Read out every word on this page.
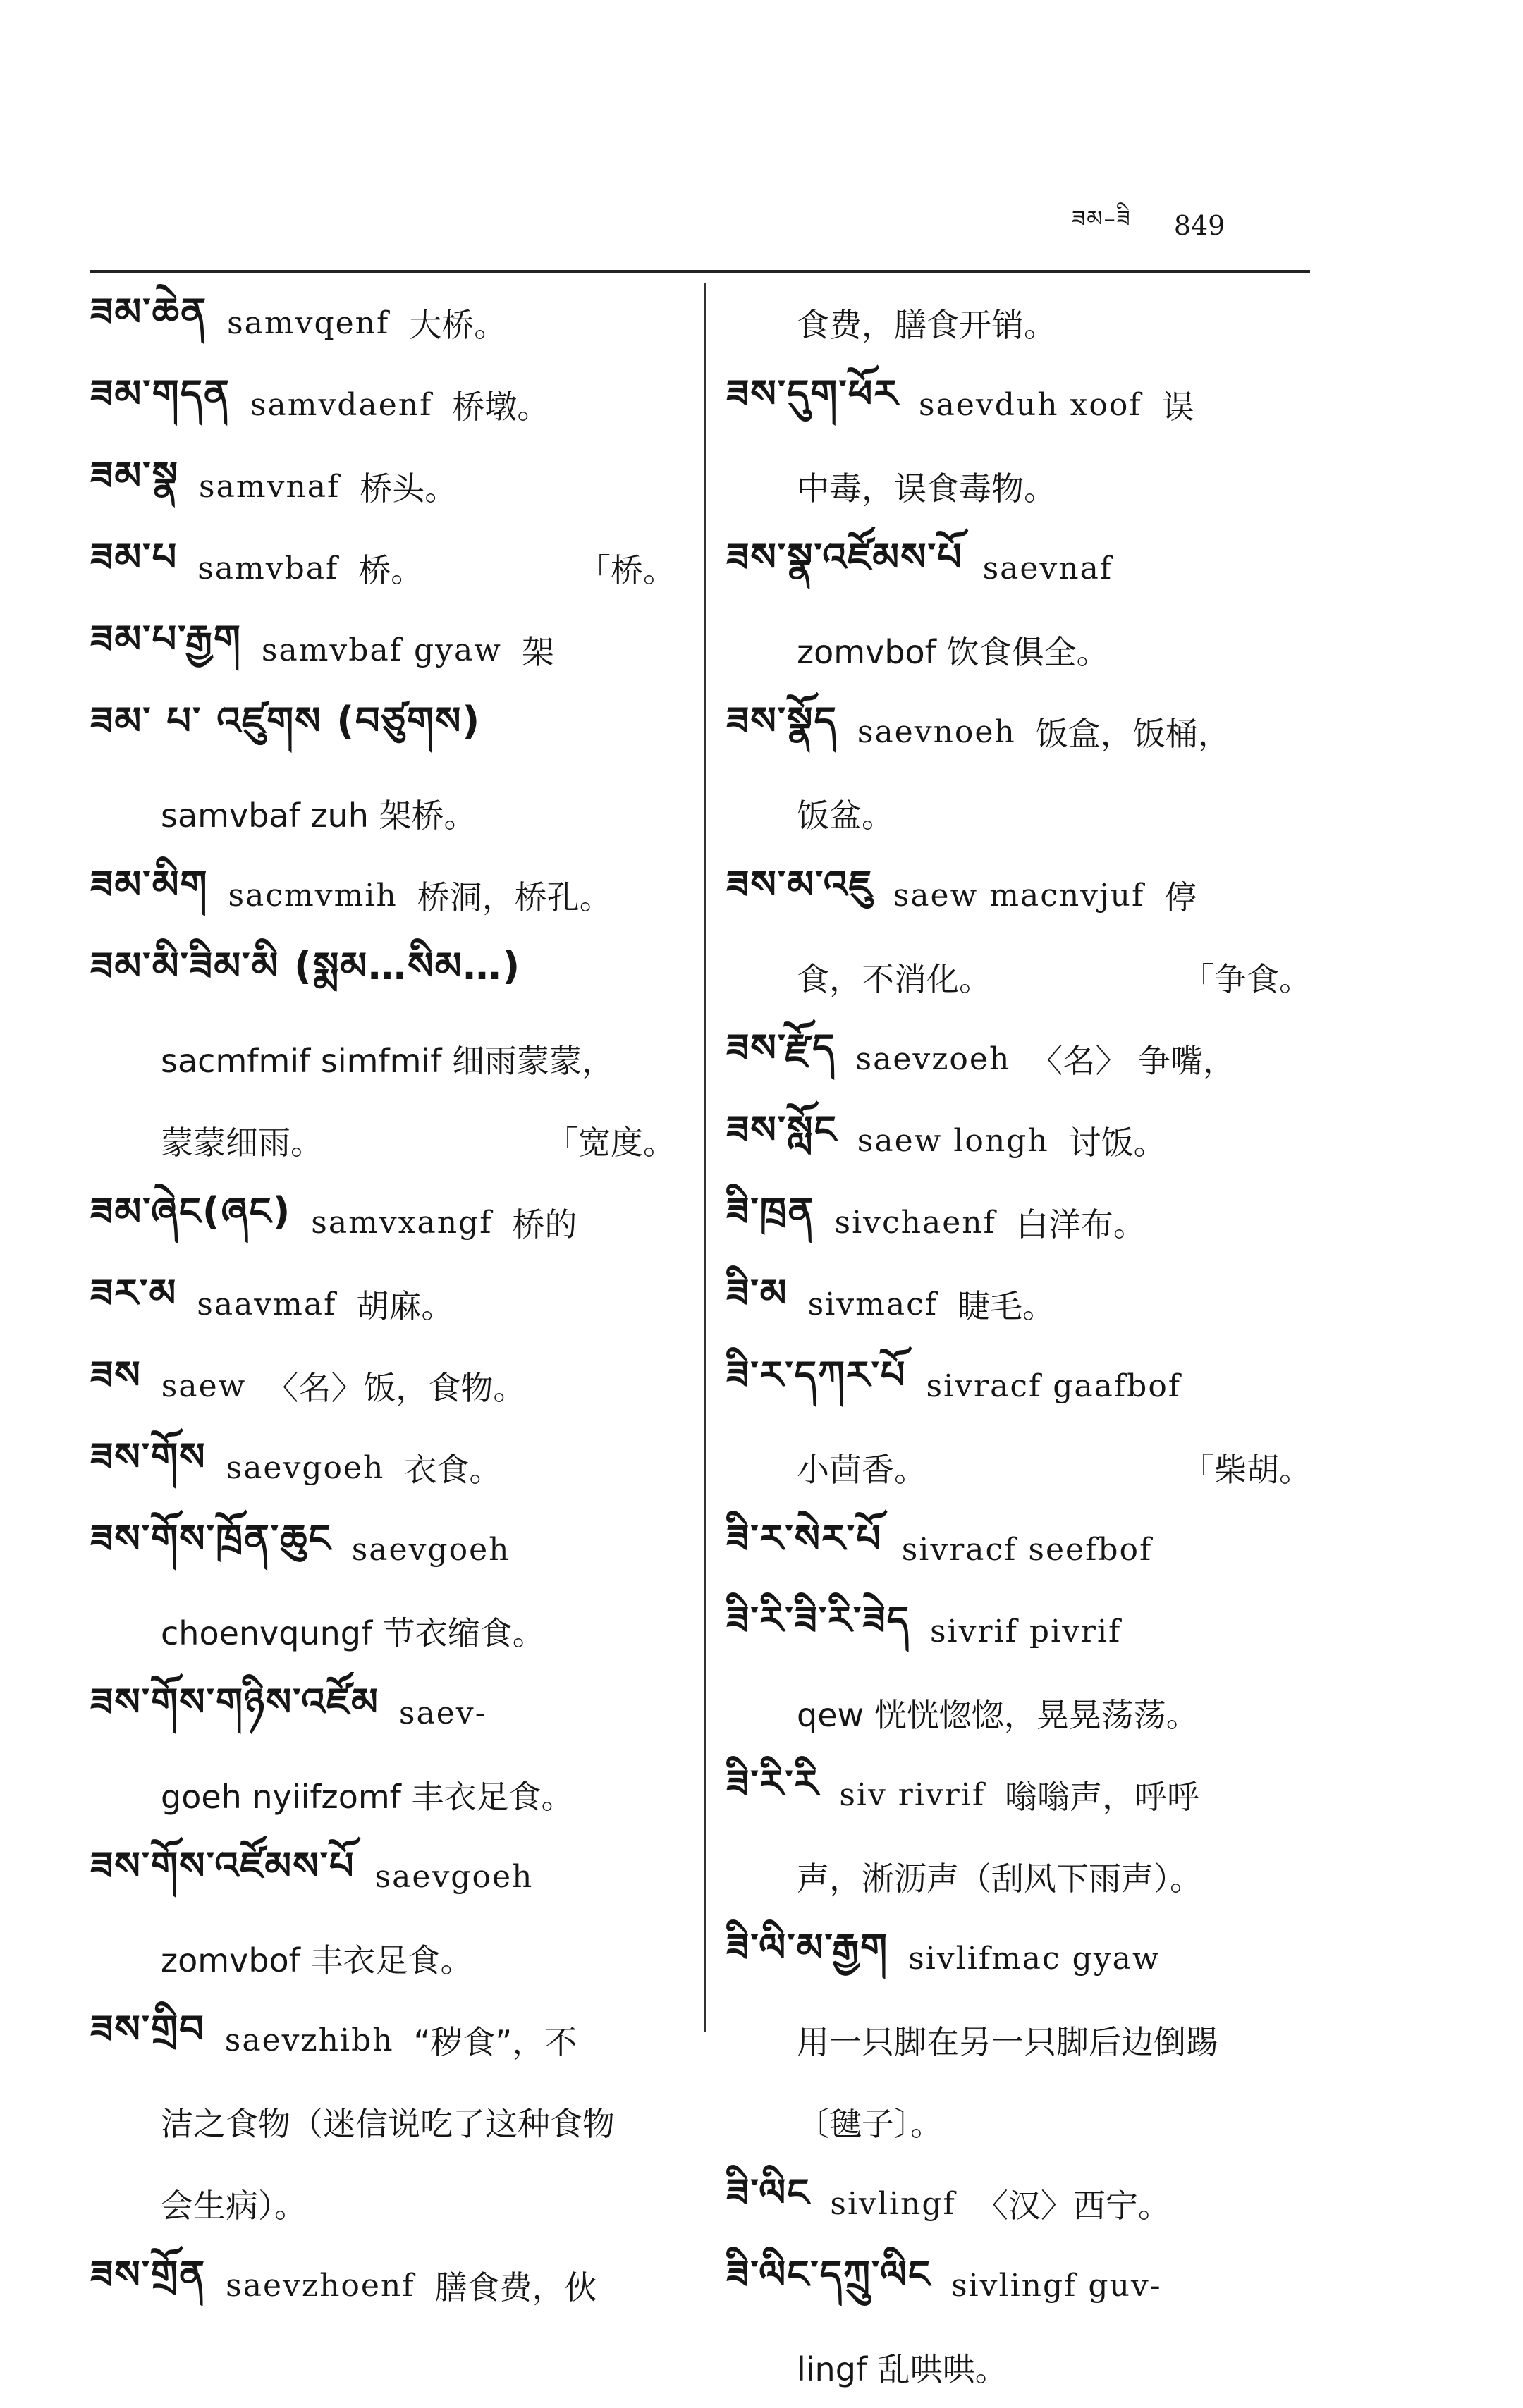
ཟམ–ཟི 849
ཟམ་ཆེན samvqenf 大桥。
ཟམ་གདན samvdaenf 桥墩。
ཟམ་སྣ samvnaf 桥头。
ཟམ་པ samvbaf 桥。	「桥。
ཟམ་པ་རྒྱག samvbaf gyaw 架
ཟམ་ པ་ འཛུགས (བཙུགས)
samvbaf zuh 架桥。
ཟམ་མིག sacmvmih 桥洞，桥孔。
ཟམ་མི་ཟིམ་མི (སྨམ…སིམ…)
sacmfmif simfmif 细雨蒙蒙，
蒙蒙细雨。	「宽度。
ཟམ་ཞེང(ཞང) samvxangf 桥的
ཟར་མ saavmaf 胡麻。
ཟས saew 〈名〉饭，食物。
ཟས་གོས saevgoeh 衣食。
ཟས་གོས་ཁྲོན་ཆུང saevgoeh
choenvqungf 节衣缩食。
ཟས་གོས་གཉིས་འཛོམ saev-
goeh nyiifzomf 丰衣足食。
ཟས་གོས་འཛོམས་པོ saevgoeh
zomvbof 丰衣足食。
ཟས་གྲིབ saevzhibh “秽食”，不
洁之食物（迷信说吃了这种食物
会生病）。
ཟས་གྲོན saevzhoenf 膳食费，伙
食费，膳食开销。
ཟས་དུག་ཕོར saevduh xoof 误
中毒，误食毒物。
ཟས་སྣ་འཛོམས་པོ saevnaf
zomvbof 饮食俱全。
ཟས་སྣོད saevnoeh 饭盒，饭桶，
饭盆。
ཟས་མ་འཇུ saew macnvjuf 停
食，不消化。	「争食。
ཟས་རྫོད saevzoeh 〈名〉 争嘴，
ཟས་སློང saew longh 讨饭。
ཟི་ཁྲན sivchaenf 白洋布。
ཟི་མ sivmacf 睫毛。
ཟི་ར་དཀར་པོ sivracf gaafbof
小茴香。	「柴胡。
ཟི་ར་སེར་པོ sivracf seefbof
ཟི་རི་ཟི་རི་ཟེད sivrif pivrif
qew 恍恍惚惚，晃晃荡荡。
ཟི་རི་རི siv rivrif 嗡嗡声，呼呼
声，淅沥声（刮风下雨声）。
ཟི་ལི་མ་རྒྱག sivlifmac gyaw
用一只脚在另一只脚后边倒踢
〔毽子〕。
ཟི་ལིང sivlingf 〈汉〉西宁。
ཟི་ལིང་དཀྲུ་ལིང sivlingf guv-
lingf 乱哄哄。
